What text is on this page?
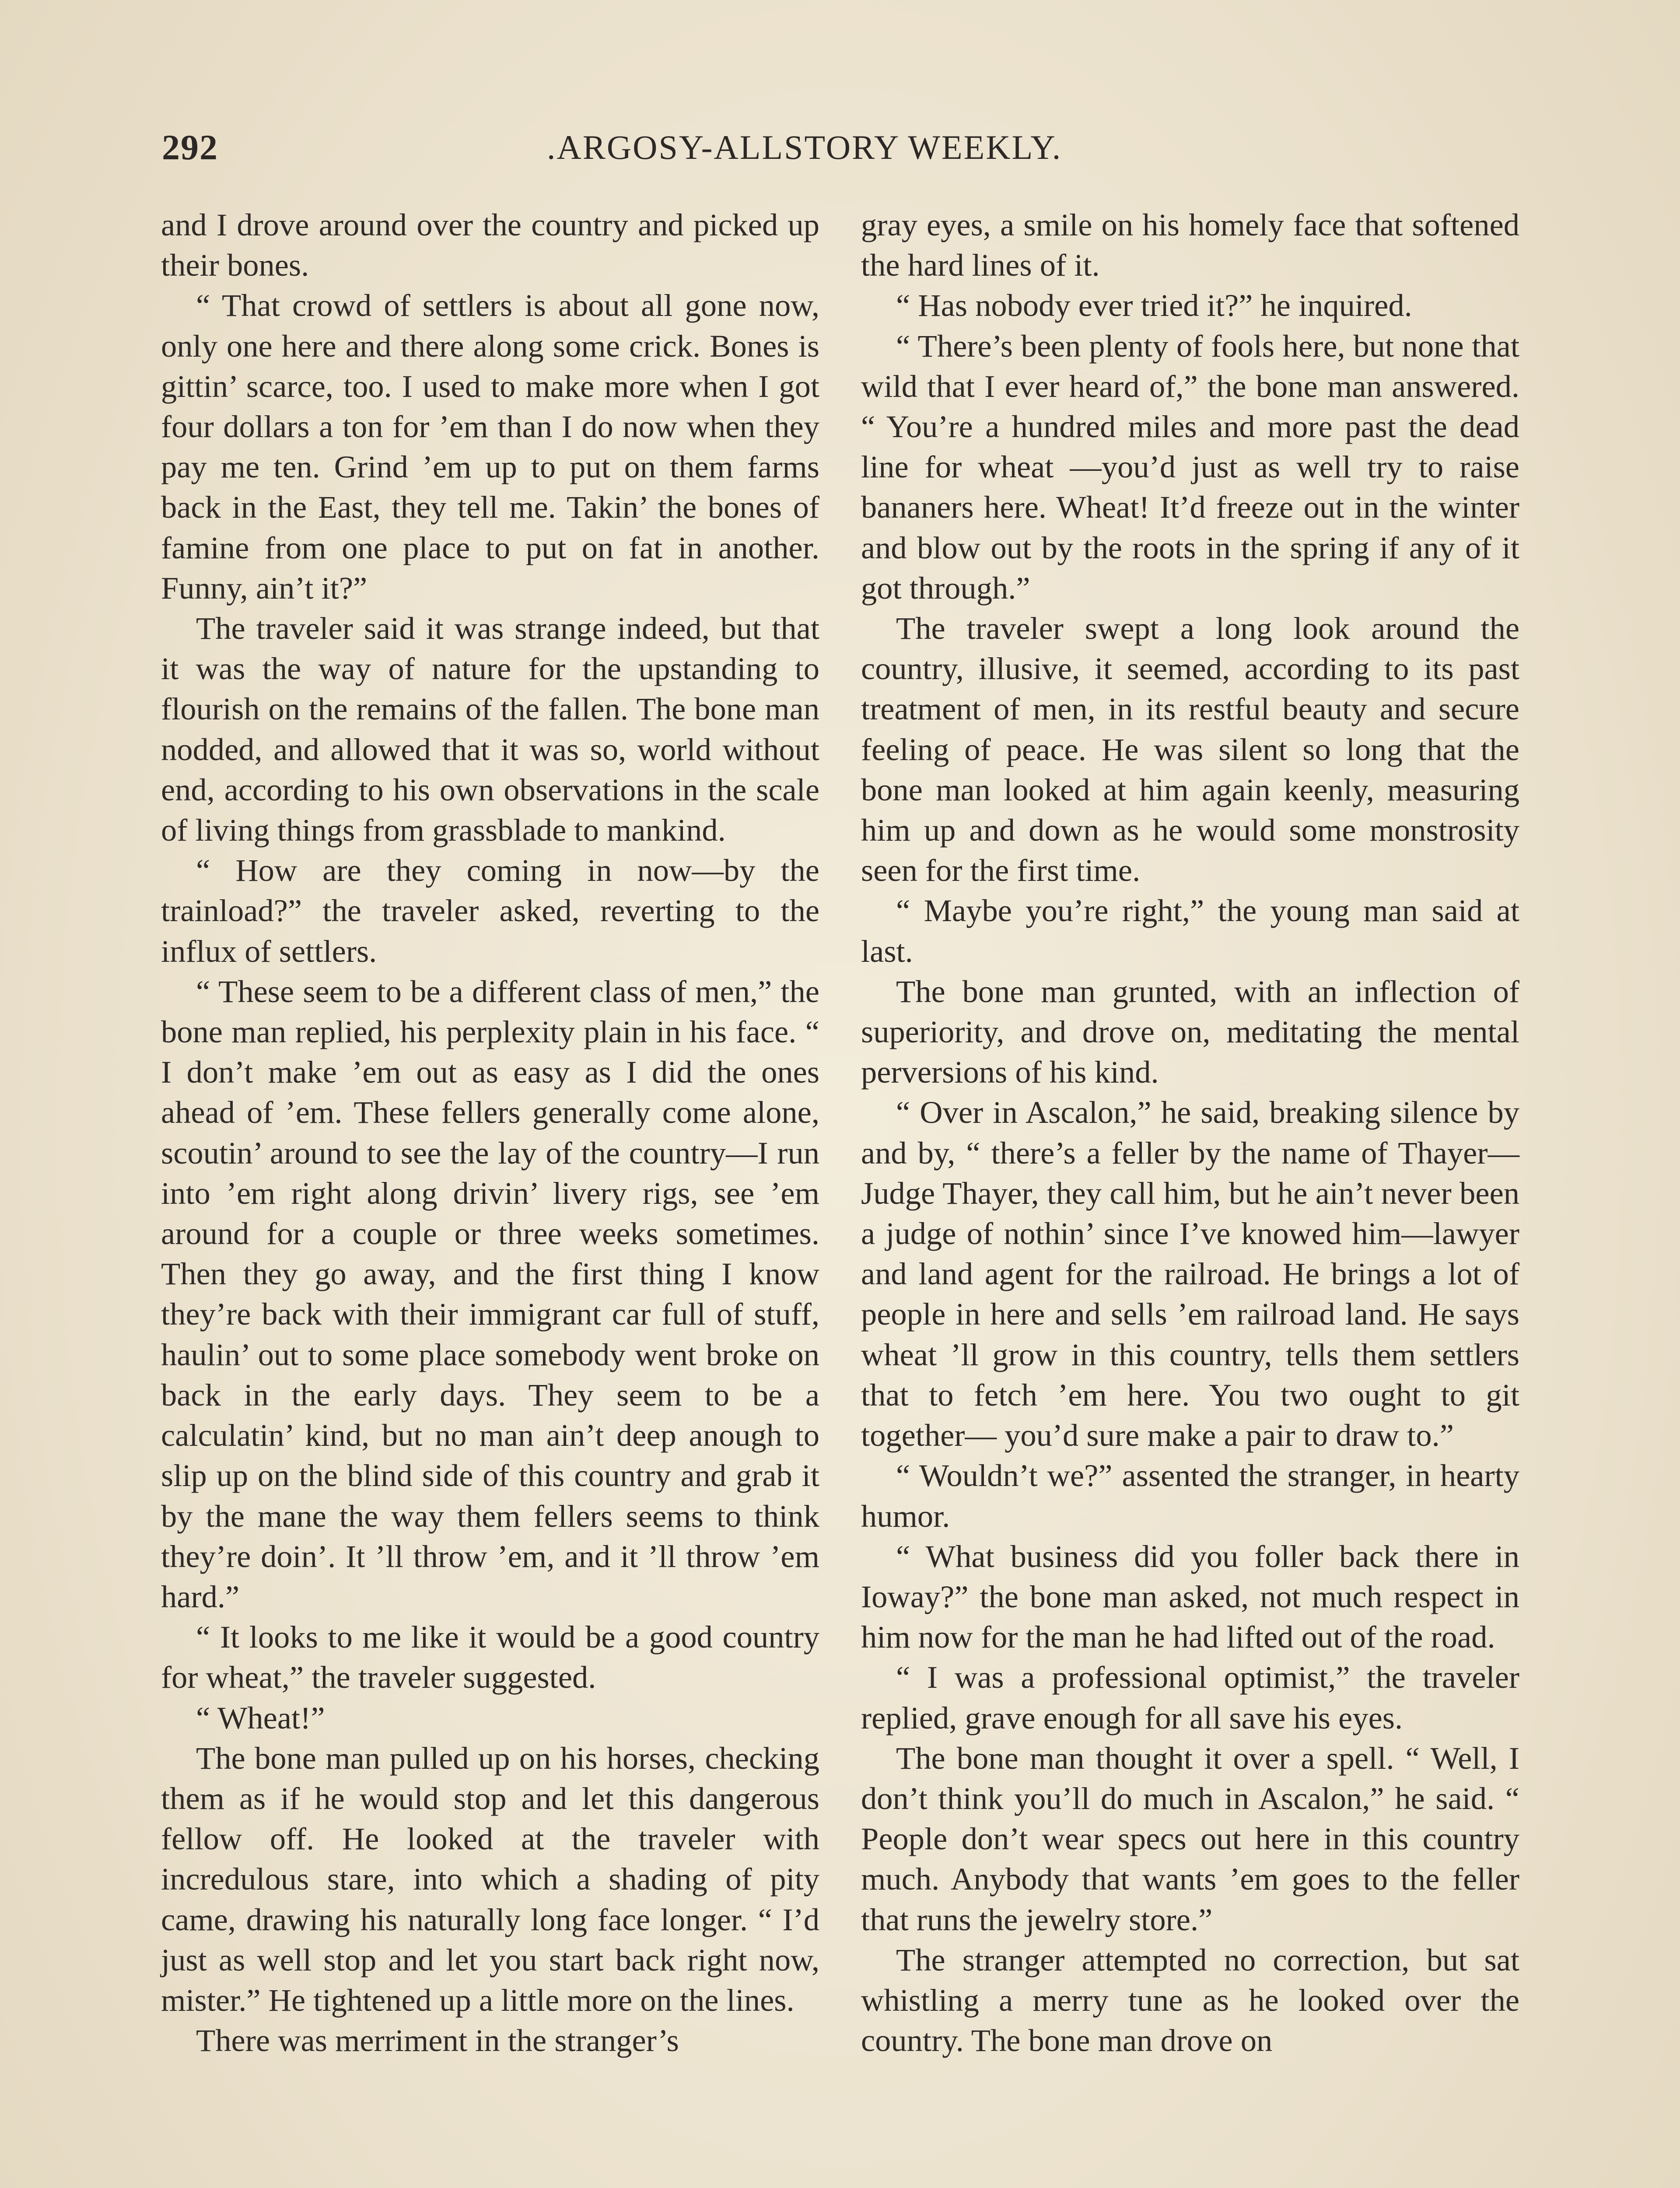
292	.ARGOSY-ALLSTORY WEEKLY.

and I drove around over the country and picked up their bones.

“ That crowd of settlers is about all gone now, only one here and there along some crick. Bones is gittin’ scarce, too. I used to make more when I got four dollars a ton for ’em than I do now when they pay me ten. Grind ’em up to put on them farms back in the East, they tell me. Takin’ the bones of famine from one place to put on fat in another. Funny, ain’t it?”

The traveler said it was strange indeed, but that it was the way of nature for the upstanding to flourish on the remains of the fallen. The bone man nodded, and allowed that it was so, world without end, according to his own observations in the scale of living things from grassblade to mankind.

“ How are they coming in now—by the trainload?” the traveler asked, reverting to the influx of settlers.

“ These seem to be a different class of men,” the bone man replied, his perplexity plain in his face. “ I don’t make ’em out as easy as I did the ones ahead of ’em. These fellers generally come alone, scoutin’ around to see the lay of the country—I run into ’em right along drivin’ livery rigs, see ’em around for a couple or three weeks sometimes. Then they go away, and the first thing I know they’re back with their immigrant car full of stuff, haulin’ out to some place somebody went broke on back in the early days. They seem to be a calculatin’ kind, but no man ain’t deep anough to slip up on the blind side of this country and grab it by the mane the way them fellers seems to think they’re doin’. It ’ll throw ’em, and it ’ll throw ’em hard.”

“ It looks to me like it would be a good country for wheat,” the traveler suggested.

“ Wheat!”

The bone man pulled up on his horses, checking them as if he would stop and let this dangerous fellow off. He looked at the traveler with incredulous stare, into which a shading of pity came, drawing his naturally long face longer. “ I’d just as well stop and let you start back right now, mister.” He tightened up a little more on the lines.

There was merriment in the stranger’s

gray eyes, a smile on his homely face that softened the hard lines of it.

“ Has nobody ever tried it?” he inquired.

“ There’s been plenty of fools here, but none that wild that I ever heard of,” the bone man answered. “ You’re a hundred miles and more past the dead line for wheat —you’d just as well try to raise bananers here. Wheat! It’d freeze out in the winter and blow out by the roots in the spring if any of it got through.”

The traveler swept a long look around the country, illusive, it seemed, according to its past treatment of men, in its restful beauty and secure feeling of peace. He was silent so long that the bone man looked at him again keenly, measuring him up and down as he would some monstrosity seen for the first time.

“ Maybe you’re right,” the young man said at last.

The bone man grunted, with an inflection of superiority, and drove on, meditating the mental perversions of his kind.

“ Over in Ascalon,” he said, breaking silence by and by, “ there’s a feller by the name of Thayer—Judge Thayer, they call him, but he ain’t never been a judge of nothin’ since I’ve knowed him—lawyer and land agent for the railroad. He brings a lot of people in here and sells ’em railroad land. He says wheat ’ll grow in this country, tells them settlers that to fetch ’em here. You two ought to git together— you’d sure make a pair to draw to.”

“ Wouldn’t we?” assented the stranger, in hearty humor.

“ What business did you foller back there in Ioway?” the bone man asked, not much respect in him now for the man he had lifted out of the road.

“ I was a professional optimist,” the traveler replied, grave enough for all save his eyes.

The bone man thought it over a spell. “ Well, I don’t think you’ll do much in Ascalon,” he said. “ People don’t wear specs out here in this country much. Anybody that wants ’em goes to the feller that runs the jewelry store.”

The stranger attempted no correction, but sat whistling a merry tune as he looked over the country. The bone man drove on
